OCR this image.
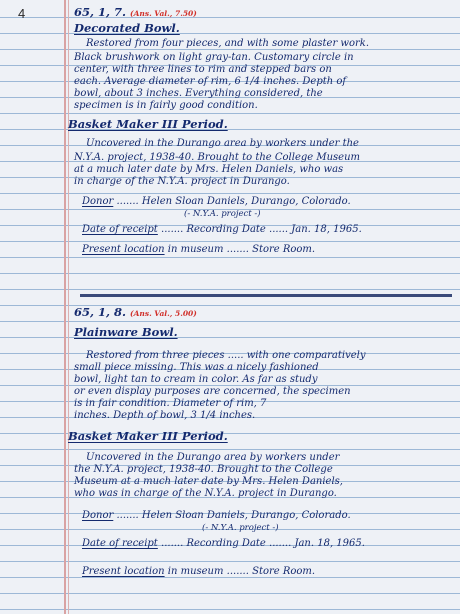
4	65, 1, 7. (Ans. Val., 7.50)
Decorated Bowl.
Restored from four pieces, and with some plaster work.
Black brushwork on light gray-tan. Customary circle in
center, with three lines to rim and stepped bars on
each. Average diameter of rim, 6 1/4 inches. Depth of
bowl, about 3 inches. Everything considered, the
specimen is in fairly good condition.
Basket Maker III Period.
Uncovered in the Durango area by workers under the
N.Y.A. project, 1938-40. Brought to the College Museum
at a much later date by Mrs. Helen Daniels, who was
in charge of the N.Y.A. project in Durango.
Donor ....... Helen Sloan Daniels, Durango, Colorado.
(- N.Y.A. project -)
Date of receipt ....... Recording Date ...... Jan. 18, 1965.
Present location in museum ....... Store Room.
65, 1, 8. (Ans. Val., 5.00)
Plainware Bowl.
Restored from three pieces ..... with one comparatively
small piece missing. This was a nicely fashioned
bowl, light tan to cream in color. As far as study
or even display purposes are concerned, the specimen
is in fair condition. Diameter of rim, 7
inches. Depth of bowl, 3 1/4 inches.
Basket Maker III Period.
Uncovered in the Durango area by workers under
the N.Y.A. project, 1938-40. Brought to the College
Museum at a much later date by Mrs. Helen Daniels,
who was in charge of the N.Y.A. project in Durango.
Donor ....... Helen Sloan Daniels, Durango, Colorado.
(- N.Y.A. project -)
Date of receipt ....... Recording Date ....... Jan. 18, 1965.
Present location in museum ....... Store Room.
